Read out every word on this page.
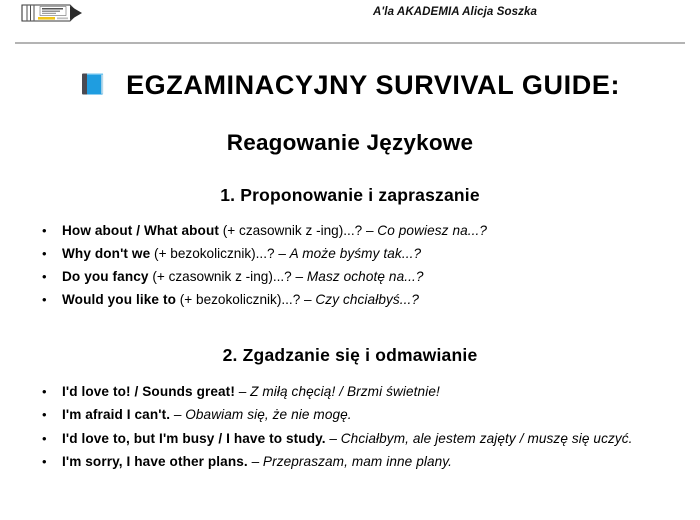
A'la AKADEMIA Alicja Soszka
EGZAMINACYJNY SURVIVAL GUIDE:
Reagowanie Językowe
1. Proponowanie i zapraszanie
• How about / What about (+ czasownik z -ing)...? – Co powiesz na...?
• Why don't we (+ bezokolicznik)...? – A może byśmy tak...?
• Do you fancy (+ czasownik z -ing)...? – Masz ochotę na...?
• Would you like to (+ bezokolicznik)...? – Czy chciałbyś...?
2. Zgadzanie się i odmawianie
• I'd love to! / Sounds great! – Z miłą chęcią! / Brzmi świetnie!
• I'm afraid I can't. – Obawiam się, że nie mogę.
• I'd love to, but I'm busy / I have to study. – Chciałbym, ale jestem zajęty / muszę się uczyć.
• I'm sorry, I have other plans. – Przepraszam, mam inne plany.
